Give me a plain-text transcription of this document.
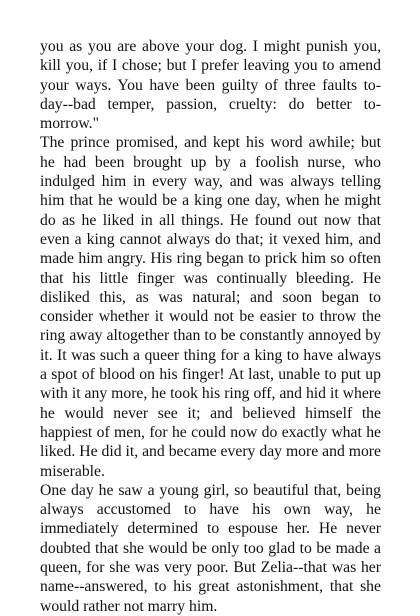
you as you are above your dog. I might punish you, kill you, if I chose; but I prefer leaving you to amend your ways. You have been guilty of three faults to-day--bad temper, passion, cruelty: do better to-morrow."

The prince promised, and kept his word awhile; but he had been brought up by a foolish nurse, who indulged him in every way, and was always telling him that he would be a king one day, when he might do as he liked in all things. He found out now that even a king cannot always do that; it vexed him, and made him angry. His ring began to prick him so often that his little finger was continually bleeding. He disliked this, as was natural; and soon began to consider whether it would not be easier to throw the ring away altogether than to be constantly annoyed by it. It was such a queer thing for a king to have always a spot of blood on his finger! At last, unable to put up with it any more, he took his ring off, and hid it where he would never see it; and believed himself the happiest of men, for he could now do exactly what he liked. He did it, and became every day more and more miserable.

One day he saw a young girl, so beautiful that, being always accustomed to have his own way, he immediately determined to espouse her. He never doubted that she would be only too glad to be made a queen, for she was very poor. But Zelia--that was her name--answered, to his great astonishment, that she would rather not marry him.
